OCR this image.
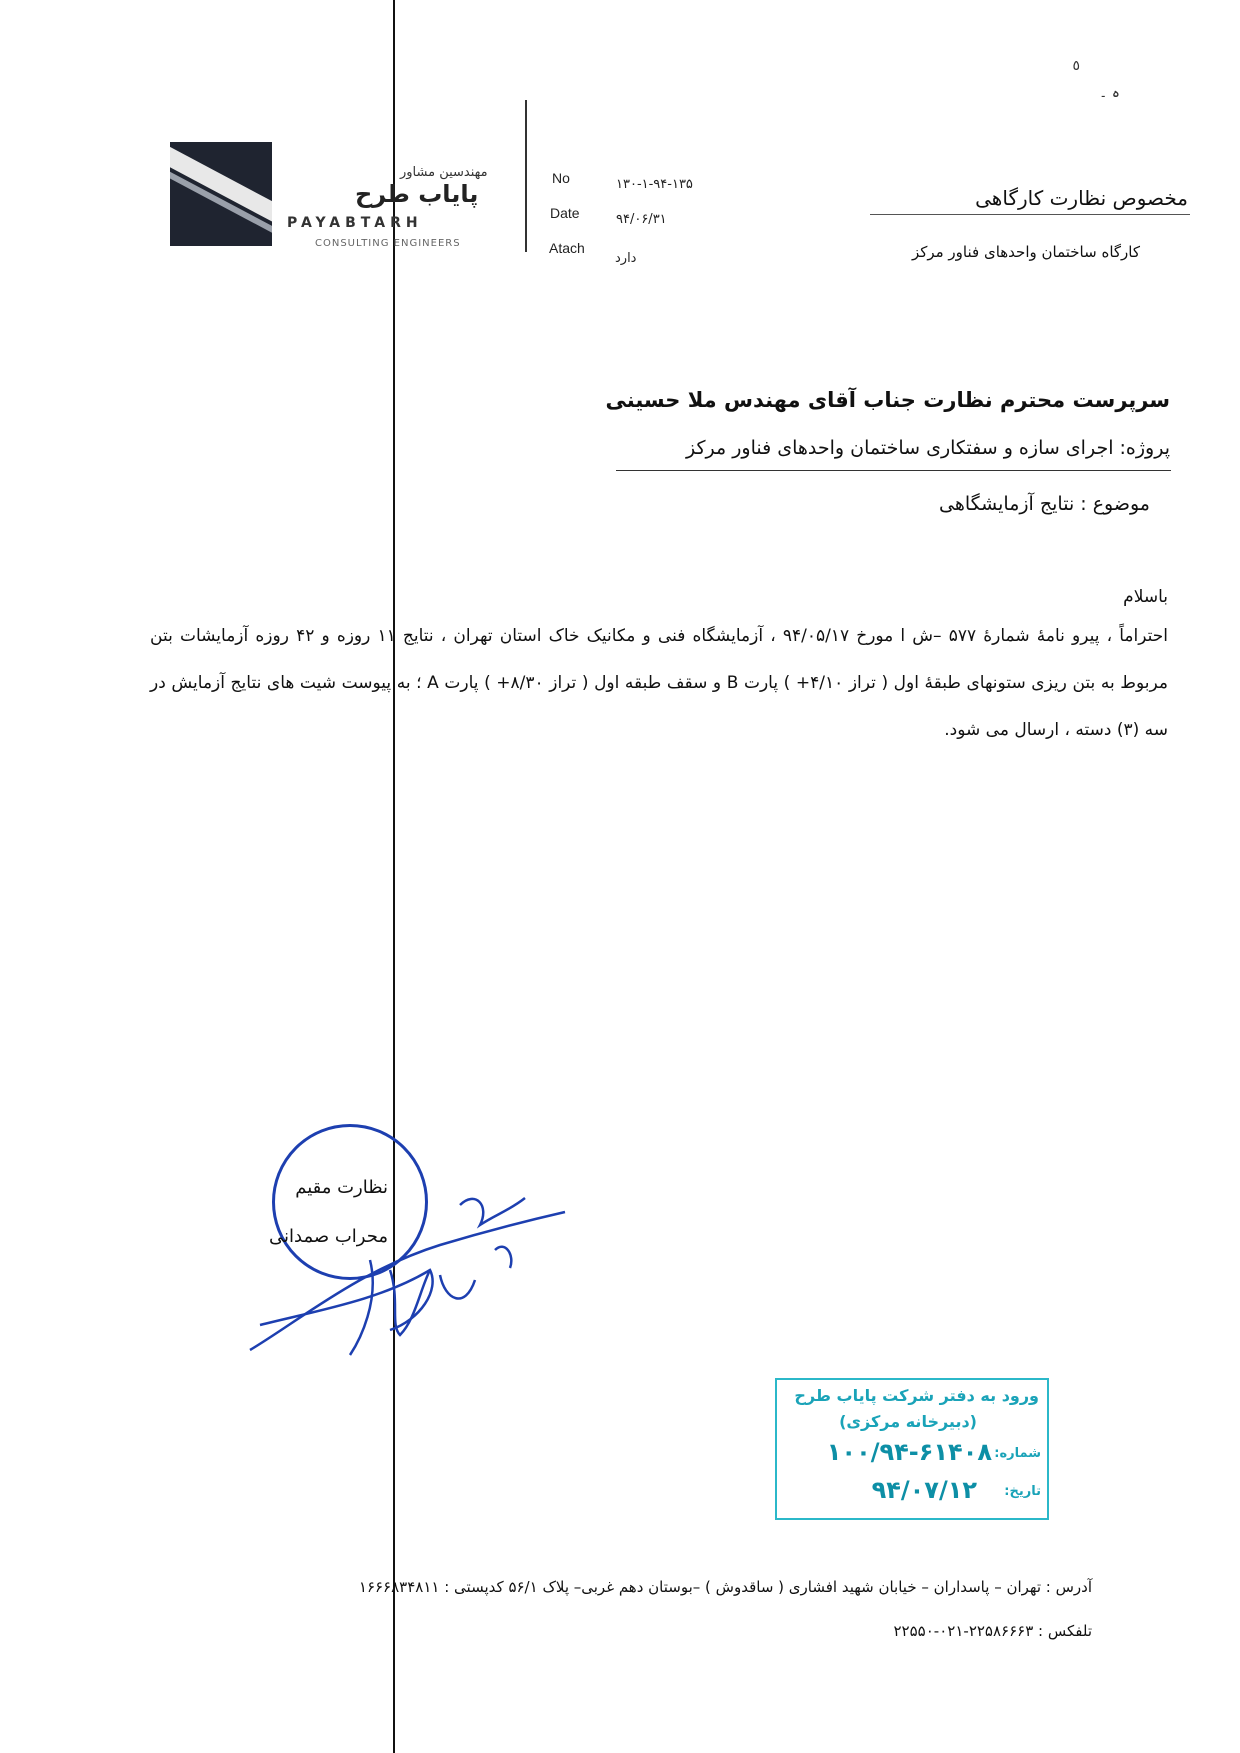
٥
ہ ۔
مهندسین مشاور
پایاب طرح
PAYABTARH
CONSULTING ENGINEERS
No	۱۳۰-۱-۹۴-۱۳۵
Date	۹۴/۰۶/۳۱
Atach
دارد
مخصوص نظارت کارگاهی
کارگاه ساختمان واحدهای فناور مرکز
سرپرست محترم نظارت جناب آقای مهندس ملا حسینی
پروژه: اجرای سازه و سفتکاری ساختمان واحدهای فناور مرکز
موضوع : نتایج آزمایشگاهی
باسلام
احتراماً ، پیرو نامهٔ شمارهٔ ۵۷۷ –ش ا مورخ ۹۴/۰۵/۱۷ ، آزمایشگاه فنی و مکانیک خاک استان تهران ، نتایج ۱۱ روزه و ۴۲ روزه آزمایشات بتن مربوط به بتن ریزی ستونهای طبقهٔ اول ( تراز ۴/۱۰+ ) پارت B و سقف طبقه اول ( تراز ۸/۳۰+ ) پارت A ؛ به پیوست شیت های نتایج آزمایش در سه (۳) دسته ، ارسال می شود.
نظارت مقیم
محراب صمدانی
ورود به دفتر شرکت پایاب طرح
(دبیرخانه مرکزی)
شماره:
۱۰۰/۹۴-۶۱۴۰۸
تاریخ:
۹۴/۰۷/۱۲
آدرس : تهران – پاسداران – خیابان شهید افشاری ( ساقدوش ) –بوستان دهم غربی– پلاک ۵۶/۱ کدپستی : ۱۶۶۶۸۳۴۸۱۱
تلفکس : ۲۲۵۸۶۶۶۳-۰۲۱-۲۲۵۵۰
